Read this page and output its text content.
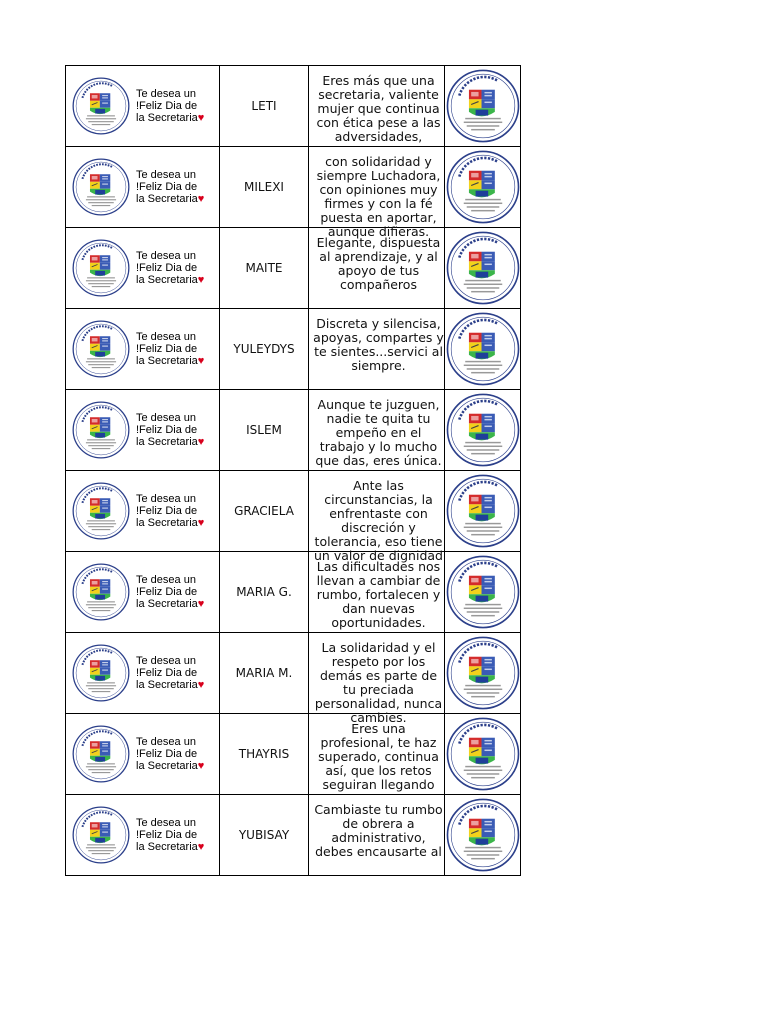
Te desea un
!Feliz Dia de
la Secretaria♥	LETI	Eres más que una secretaria, valiente mujer que continua con ética pese a las adversidades,

Te desea un
!Feliz Dia de
la Secretaria♥	MILEXI	con solidaridad y siempre Luchadora, con opiniones muy firmes y con la fé puesta en aportar, aunque difieras.

Te desea un
!Feliz Dia de
la Secretaria♥	MAITE	Elegante, dispuesta al aprendizaje, y al apoyo de tus compañeros

Te desea un
!Feliz Dia de
la Secretaria♥	YULEYDYS	Discreta y silencisa, apoyas, compartes y te sientes...servici al siempre.

Te desea un
!Feliz Dia de
la Secretaria♥	ISLEM	Aunque te juzguen, nadie te quita tu empeño en el trabajo y lo mucho que das, eres única.

Te desea un
!Feliz Dia de
la Secretaria♥	GRACIELA	Ante las circunstancias, la enfrentaste con discreción y tolerancia, eso tiene un valor de dignidad

Te desea un
!Feliz Dia de
la Secretaria♥	MARIA G.	Las dificultades nos llevan a cambiar de rumbo, fortalecen y dan nuevas oportunidades.

Te desea un
!Feliz Dia de
la Secretaria♥	MARIA M.	La solidaridad y el respeto por los demás es parte de tu preciada personalidad, nunca cambies.

Te desea un
!Feliz Dia de
la Secretaria♥	THAYRIS	Eres una profesional, te haz superado, continua así, que los retos seguiran llegando

Te desea un
!Feliz Dia de
la Secretaria♥	YUBISAY	Cambiaste tu rumbo de obrera a administrativo, debes encausarte al
